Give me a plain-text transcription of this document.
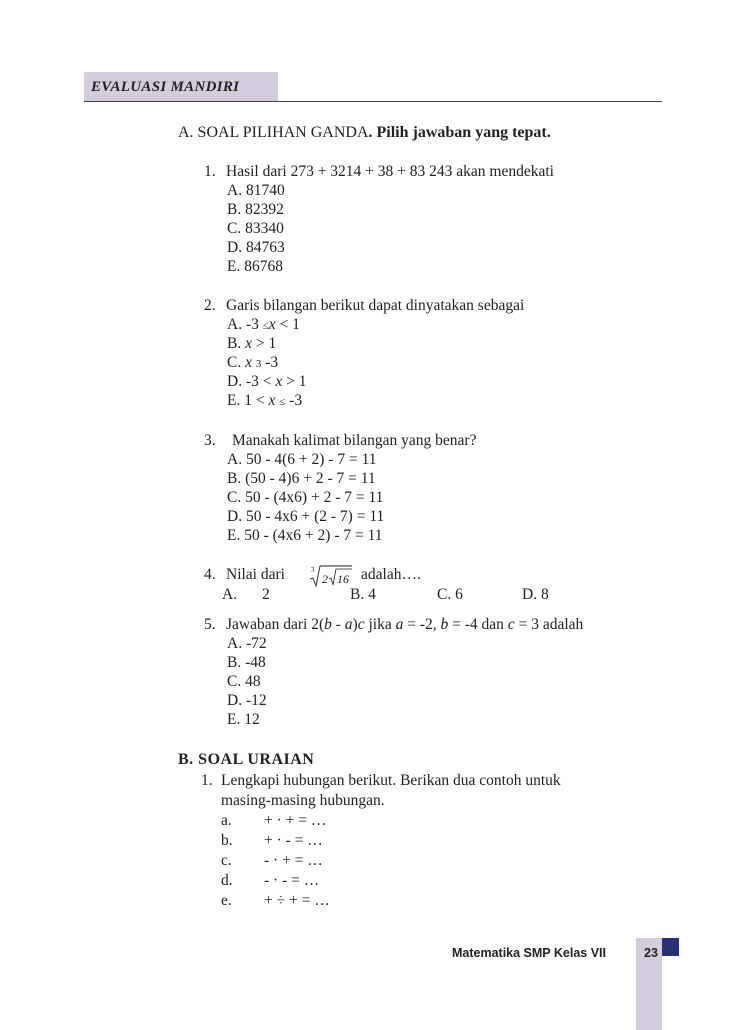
EVALUASI MANDIRI
A. SOAL PILIHAN GANDA. Pilih jawaban yang tepat.
1. Hasil dari 273 + 3214 + 38 + 83 243 akan mendekati
A. 81740
B. 82392
C. 83340
D. 84763
E. 86768
2. Garis bilangan berikut dapat dinyatakan sebagai
A. -3 ≤x < 1
B. x > 1
C. x 3 -3
D. -3 < x > 1
E. 1 < x ≤ -3
3. Manakah kalimat bilangan yang benar?
A. 50 - 4(6 + 2) - 7 = 11
B. (50 - 4)6 + 2 - 7 = 11
C. 50 - (4x6) + 2 - 7 = 11
D. 50 - 4x6 + (2 - 7) = 11
E. 50 - (4x6 + 2) - 7 = 11
4. Nilai dari	3
2 16 adalah….
A. 2	B. 4	C. 6	D. 8
5. Jawaban dari 2(b - a)c jika a = -2, b = -4 dan c = 3 adalah
A. -72
B. -48
C. 48
D. -12
E. 12
B. SOAL URAIAN
1. Lengkapi hubungan berikut. Berikan dua contoh untuk
masing-masing hubungan.
a. + · + = …
b. + · - = …
c. - · + = …
d. - · - = …
e. + ÷ + = …
Matematika SMP Kelas VII	23
